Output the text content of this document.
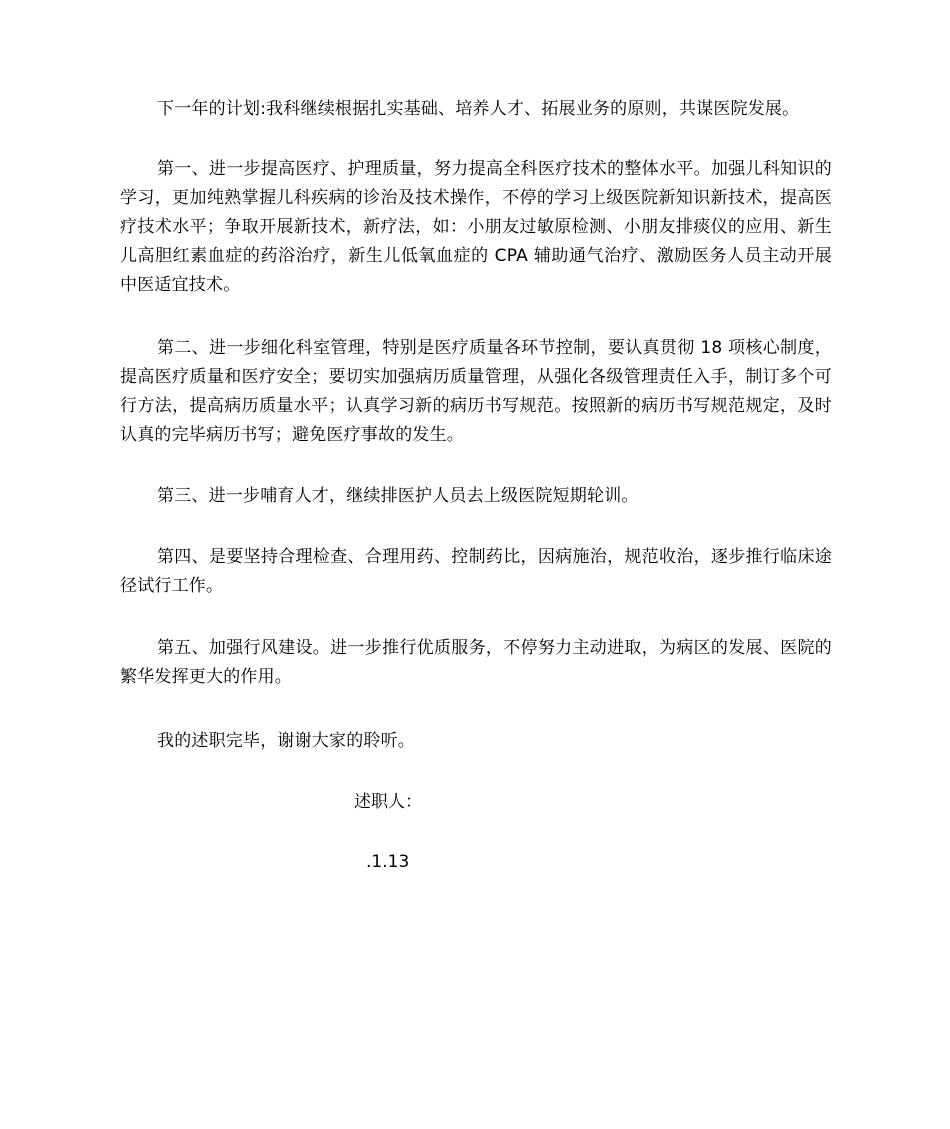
下一年的计划:我科继续根据扎实基础、培养人才、拓展业务的原则，共谋医院发展。

第一、进一步提高医疗、护理质量，努力提高全科医疗技术的整体水平。加强儿科知识的学习，更加纯熟掌握儿科疾病的诊治及技术操作，不停的学习上级医院新知识新技术，提高医疗技术水平；争取开展新技术，新疗法，如：小朋友过敏原检测、小朋友排痰仪的应用、新生儿高胆红素血症的药浴治疗，新生儿低氧血症的 CPA 辅助通气治疗、激励医务人员主动开展中医适宜技术。

第二、进一步细化科室管理，特别是医疗质量各环节控制，要认真贯彻 18 项核心制度，提高医疗质量和医疗安全；要切实加强病历质量管理，从强化各级管理责任入手，制订多个可行方法，提高病历质量水平；认真学习新的病历书写规范。按照新的病历书写规范规定，及时认真的完毕病历书写；避免医疗事故的发生。

第三、进一步哺育人才，继续排医护人员去上级医院短期轮训。

第四、是要坚持合理检查、合理用药、控制药比，因病施治，规范收治，逐步推行临床途径试行工作。

第五、加强行风建设。进一步推行优质服务，不停努力主动进取，为病区的发展、医院的繁华发挥更大的作用。

我的述职完毕，谢谢大家的聆听。

述职人：

.1.13
